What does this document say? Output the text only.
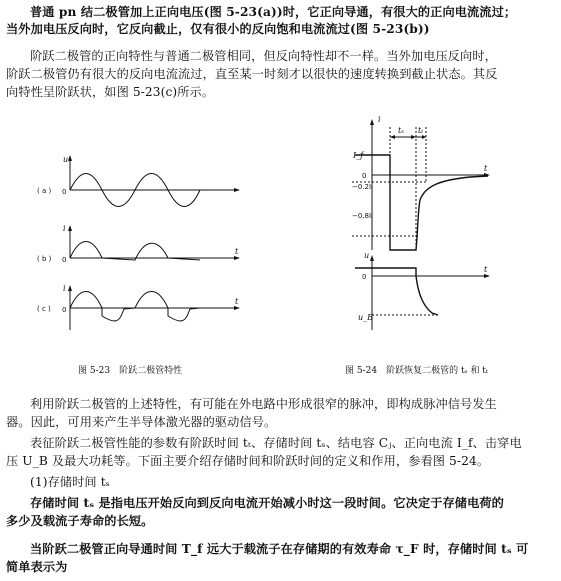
普通 pn 结二极管加上正向电压(图 5-23(a))时，它正向导通，有很大的正向电流流过；
当外加电压反向时，它反向截止，仅有很小的反向饱和电流流过(图 5-23(b))
阶跃二极管的正向特性与普通二极管相同，但反向特性却不一样。当外加电压反向时，
阶跃二极管仍有很大的反向电流流过，直至某一时刻才以很快的速度转换到截止状态。其反
向特性呈阶跃状，如图 5-23(c)所示。
u
0
( a )
i
t
0
( b )
i
t
0
( c )
i
t
tₛ tₜ
I_f
0
−0.2Iᵣ
−0.8Iᵣ
u
t
0
u_B
图 5-23　阶跃二极管特性	图 5-24　阶跃恢复二极管的 tₛ 和 tₜ
利用阶跃二极管的上述特性，有可能在外电路中形成很窄的脉冲，即构成脉冲信号发生
器。因此，可用来产生半导体激光器的驱动信号。
表征阶跃二极管性能的参数有阶跃时间 tₜ、存储时间 tₛ、结电容 Cⱼ、正向电流 I_f、击穿电
压 U_B 及最大功耗等。下面主要介绍存储时间和阶跃时间的定义和作用，参看图 5-24。
(1)存储时间 tₛ
存储时间 tₛ 是指电压开始反向到反向电流开始减小时这一段时间。它决定于存储电荷的
多少及载流子寿命的长短。
当阶跃二极管正向导通时间 T_f 远大于载流子在存储期的有效寿命 τ_F 时，存储时间 tₛ 可
简单表示为
